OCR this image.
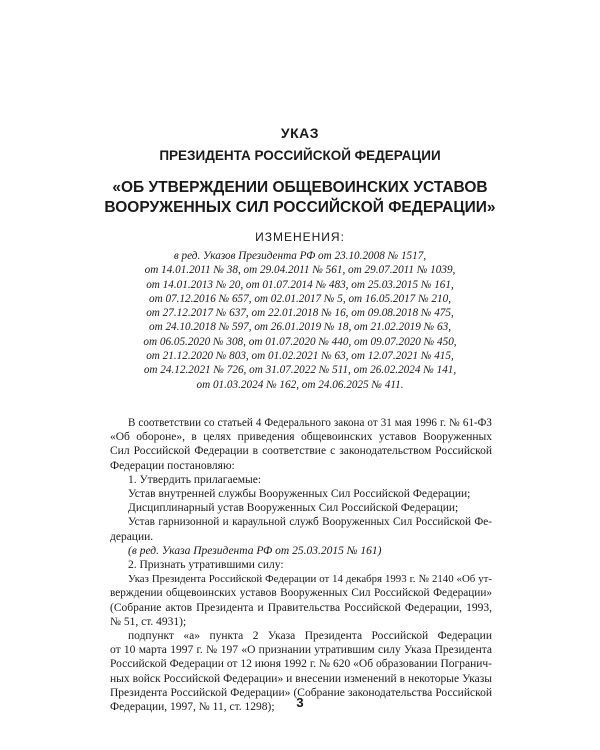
УКАЗ
ПРЕЗИДЕНТА РОССИЙСКОЙ ФЕДЕРАЦИИ
«ОБ УТВЕРЖДЕНИИ ОБЩЕВОИНСКИХ УСТАВОВ
ВООРУЖЕННЫХ СИЛ РОССИЙСКОЙ ФЕДЕРАЦИИ»
ИЗМЕНЕНИЯ:
в ред. Указов Президента РФ от 23.10.2008 № 1517,
от 14.01.2011 № 38, от 29.04.2011 № 561, от 29.07.2011 № 1039,
от 14.01.2013 № 20, от 01.07.2014 № 483, от 25.03.2015 № 161,
от 07.12.2016 № 657, от 02.01.2017 № 5, от 16.05.2017 № 210,
от 27.12.2017 № 637, от 22.01.2018 № 16, от 09.08.2018 № 475,
от 24.10.2018 № 597, от 26.01.2019 № 18, от 21.02.2019 № 63,
от 06.05.2020 № 308, от 01.07.2020 № 440, от 09.07.2020 № 450,
от 21.12.2020 № 803, от 01.02.2021 № 63, от 12.07.2021 № 415,
от 24.12.2021 № 726, от 31.07.2022 № 511, от 26.02.2024 № 141,
от 01.03.2024 № 162, от 24.06.2025 № 411.

В соответствии со статьей 4 Федерального закона от 31 мая 1996 г. № 61-ФЗ
«Об обороне», в целях приведения общевоинских уставов Вооруженных
Сил Российской Федерации в соответствие с законодательством Российской
Федерации постановляю:

1. Утвердить прилагаемые:

Устав внутренней службы Вооруженных Сил Российской Федерации;

Дисциплинарный устав Вооруженных Сил Российской Федерации;

Устав гарнизонной и караульной служб Вооруженных Сил Российской Фе-
дерации.

(в ред. Указа Президента РФ от 25.03.2015 № 161)

2. Признать утратившими силу:

Указ Президента Российской Федерации от 14 декабря 1993 г. № 2140 «Об ут-
верждении общевоинских уставов Вооруженных Сил Российской Федерации»
(Собрание актов Президента и Правительства Российской Федерации, 1993,
№ 51, ст. 4931);

подпункт «а» пункта 2 Указа Президента Российской Федерации
от 10 марта 1997 г. № 197 «О признании утратившим силу Указа Президента
Российской Федерации от 12 июня 1992 г. № 620 «Об образовании Погранич-
ных войск Российской Федерации» и внесении изменений в некоторые Указы
Президента Российской Федерации» (Собрание законодательства Российской
Федерации, 1997, № 11, ст. 1298);	3
